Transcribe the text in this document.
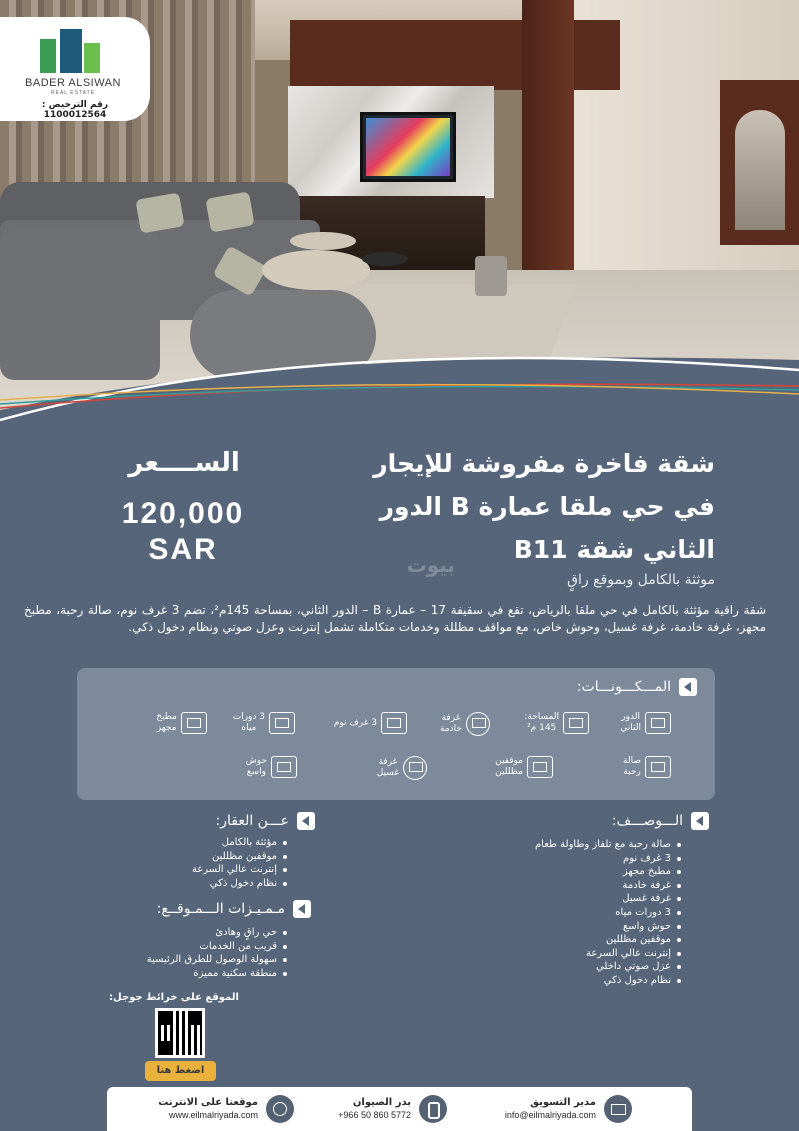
BADER ALSIWAN
REAL ESTATE
رقم الترخيص : 1100012564
شقة فاخرة مفروشة للإيجار
في حي ملقا عمارة B الدور
الثاني شقة B11
موثثة بالكامل وبموقع راقٍ
بيوت
الســــعر
120,000
SAR
شقة راقية مؤثثة بالكامل في حي ملقا بالرياض، تقع في سقيفة 17 – عمارة B – الدور الثاني، بمساحة 145م²، تضم 3 غرف نوم، صالة رحبة، مطبخ مجهز، غرفة خادمة، غرفة غسيل، وحوش خاص، مع مواقف مظللة وخدمات متكاملة تشمل إنترنت وعزل صوتي ونظام دخول ذكي.
المـــكـــونـــات:
الدور
الثاني
المساحة:
145 م²
غرفة
خادمة
3 غرف نوم
3 دورات
مياه
مطبخ
مجهز
صالة
رحبة
موقفين
مظللين
غرفة
غسيل
حوش
واسع
الـــوصـــف:
صالة رحبة مع تلفاز وطاولة طعام
3 غرف نوم
مطبخ مجهز
غرفة خادمة
غرفة غسيل
3 دورات مياه
حوش واسع
موقفين مظللين
إنترنت عالي السرعة
عزل صوتي داخلي
نظام دخول ذكي
عـــن العقار:
مؤثثة بالكامل
موقفين مظللين
إنترنت عالي السرعة
نظام دخول ذكي
مـمـيـزات الـــمـوقــع:
حي راقٍ وهادئ
قريب من الخدمات
سهولة الوصول للطرق الرئيسية
منطقة سكنية مميزة
الموقع على خرائط جوجل:
اضغط هنا
مدير التسويق
info@eilmalriyada.com
بدر الصيوان
+966 50 860 5772
موقعنا على الانترنت
www.eilmalriyada.com
